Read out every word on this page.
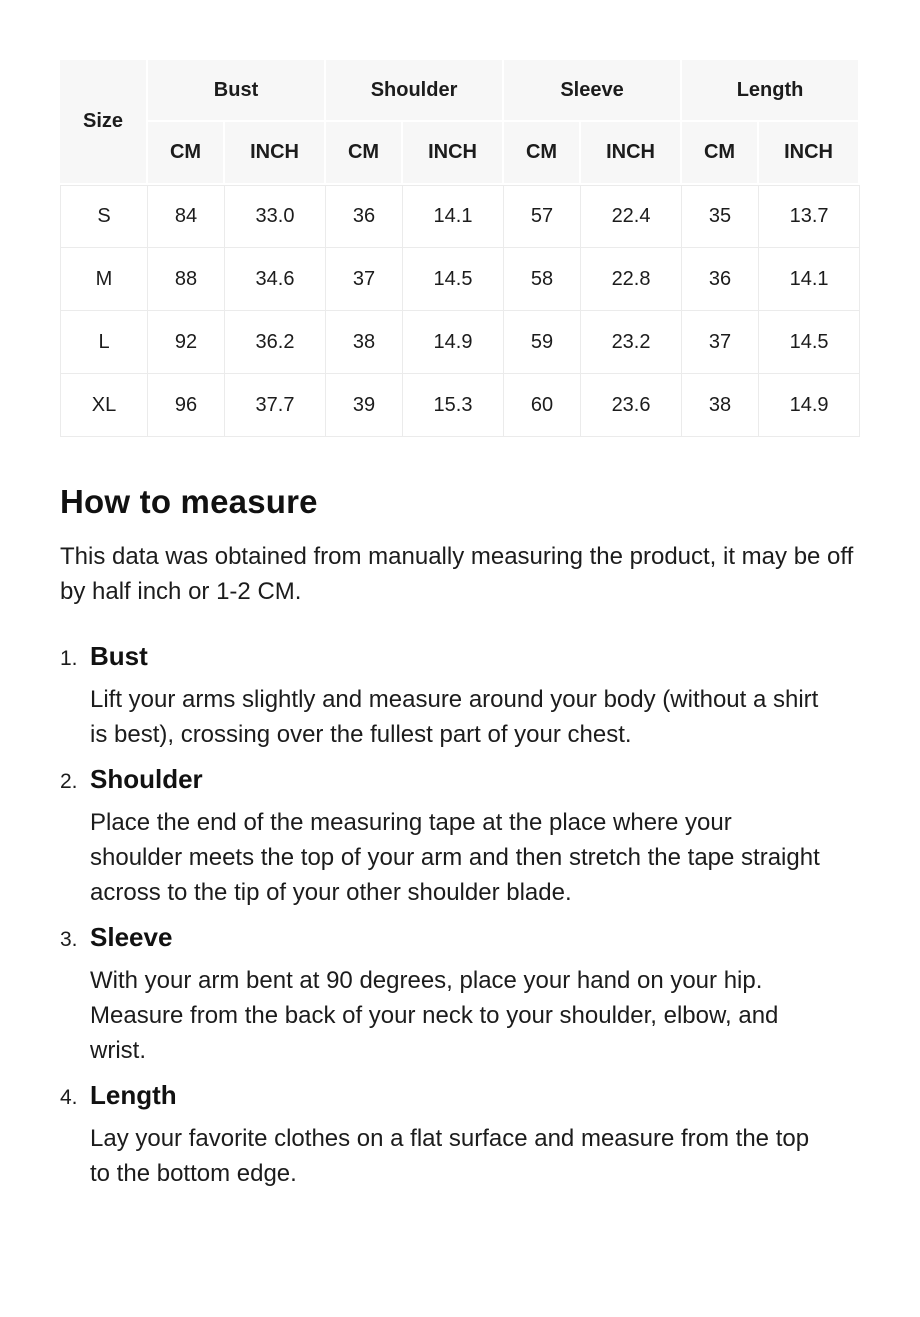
Size	Bust		Shoulder		Sleeve		Length	
	CM	INCH	CM	INCH	CM	INCH	CM	INCH
S	84	33.0	36	14.1	57	22.4	35	13.7
M	88	34.6	37	14.5	58	22.8	36	14.1
L	92	36.2	38	14.9	59	23.2	37	14.5
XL	96	37.7	39	15.3	60	23.6	38	14.9
How to measure

This data was obtained from manually measuring the product, it may be off by half inch or 1-2 CM.

1. Bust

Lift your arms slightly and measure around your body (without a shirt is best), crossing over the fullest part of your chest.

2. Shoulder

Place the end of the measuring tape at the place where your shoulder meets the top of your arm and then stretch the tape straight across to the tip of your other shoulder blade.

3. Sleeve

With your arm bent at 90 degrees, place your hand on your hip. Measure from the back of your neck to your shoulder, elbow, and wrist.

4. Length

Lay your favorite clothes on a flat surface and measure from the top to the bottom edge.
